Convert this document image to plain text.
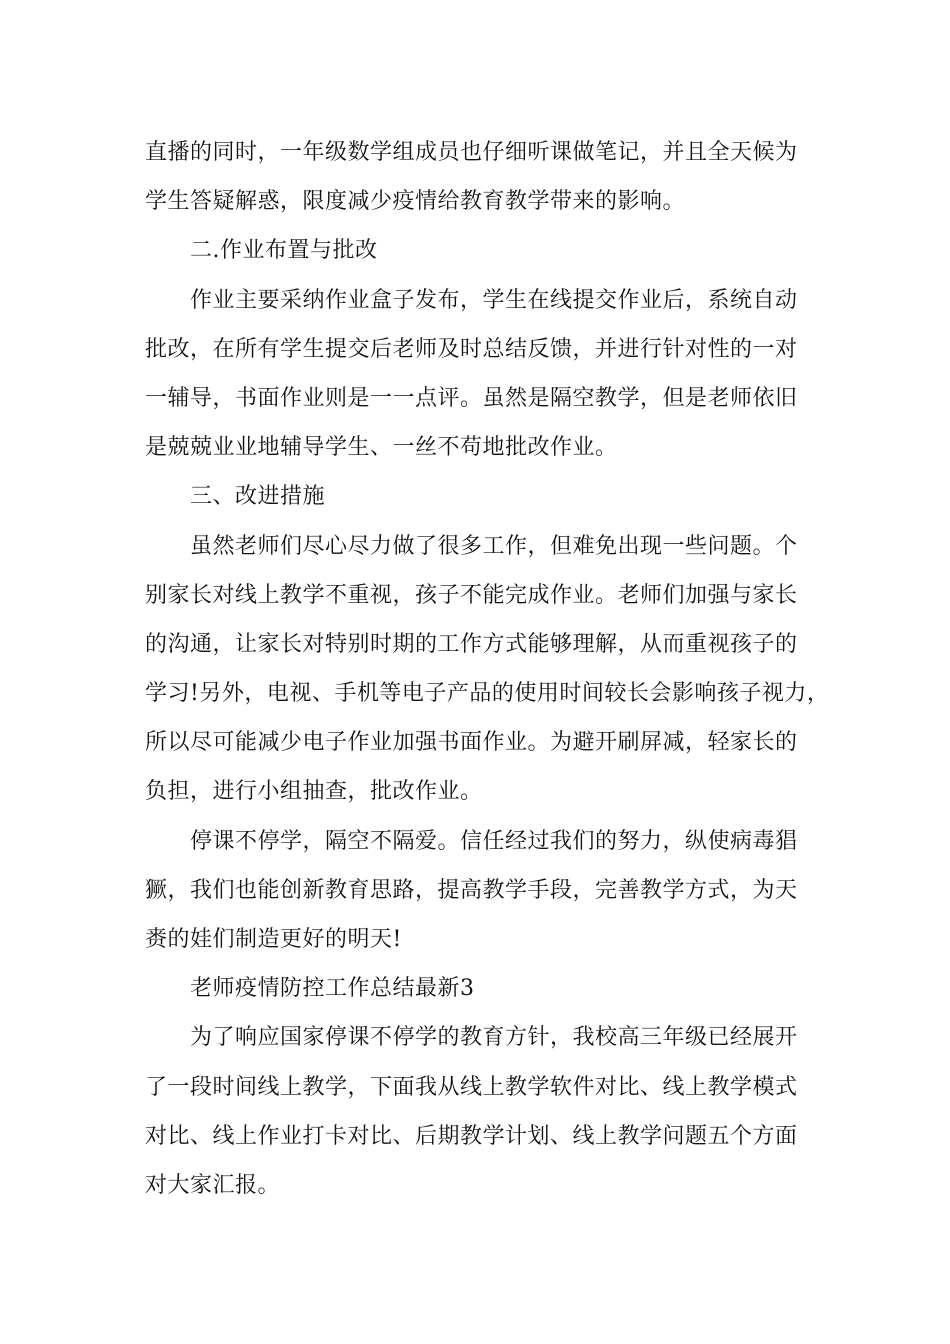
直播的同时，一年级数学组成员也仔细听课做笔记，并且全天候为
学生答疑解惑，限度减少疫情给教育教学带来的影响。
二.作业布置与批改
作业主要采纳作业盒子发布，学生在线提交作业后，系统自动
批改，在所有学生提交后老师及时总结反馈，并进行针对性的一对
一辅导，书面作业则是一一点评。虽然是隔空教学，但是老师依旧
是兢兢业业地辅导学生、一丝不苟地批改作业。
三、改进措施
虽然老师们尽心尽力做了很多工作，但难免出现一些问题。个
别家长对线上教学不重视，孩子不能完成作业。老师们加强与家长
的沟通，让家长对特别时期的工作方式能够理解，从而重视孩子的
学习!另外，电视、手机等电子产品的使用时间较长会影响孩子视力，
所以尽可能减少电子作业加强书面作业。为避开刷屏减，轻家长的
负担，进行小组抽查，批改作业。
停课不停学，隔空不隔爱。信任经过我们的努力，纵使病毒猖
獗，我们也能创新教育思路，提高教学手段，完善教学方式，为天
赉的娃们制造更好的明天!
老师疫情防控工作总结最新3
为了响应国家停课不停学的教育方针，我校高三年级已经展开
了一段时间线上教学，下面我从线上教学软件对比、线上教学模式
对比、线上作业打卡对比、后期教学计划、线上教学问题五个方面
对大家汇报。
